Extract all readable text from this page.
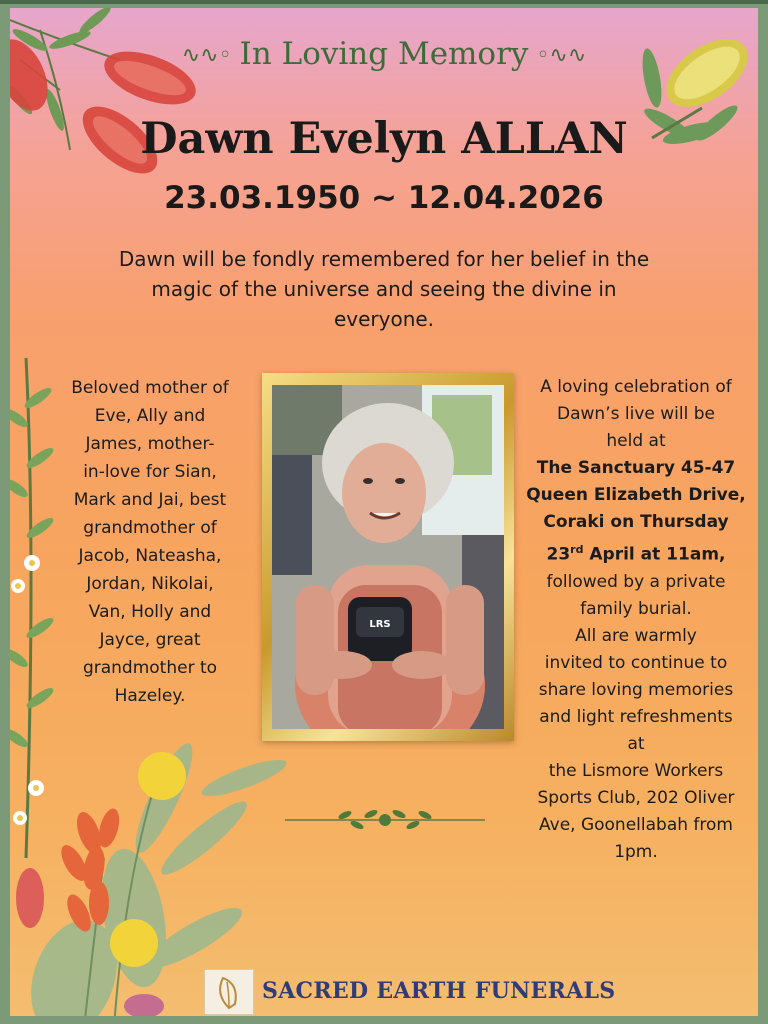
∿∿◦ In Loving Memory ◦∿∿
Dawn Evelyn ALLAN
23.03.1950 ~ 12.04.2026
Dawn will be fondly remembered for her belief in the
magic of the universe and seeing the divine in
everyone.
Beloved mother of
Eve, Ally and
James, mother-
in-love for Sian,
Mark and Jai, best
grandmother of
Jacob, Nateasha,
Jordan, Nikolai,
Van, Holly and
Jayce, great
grandmother to
Hazeley.
LRS
A loving celebration of
Dawn’s live will be
held at
The Sanctuary 45-47
Queen Elizabeth Drive,
Coraki on Thursday
23rd April at 11am,
followed by a private
family burial.
All are warmly
invited to continue to
share loving memories
and light refreshments
at
the Lismore Workers
Sports Club, 202 Oliver
Ave, Goonellabah from
1pm.
SACRED EARTH FUNERALS
